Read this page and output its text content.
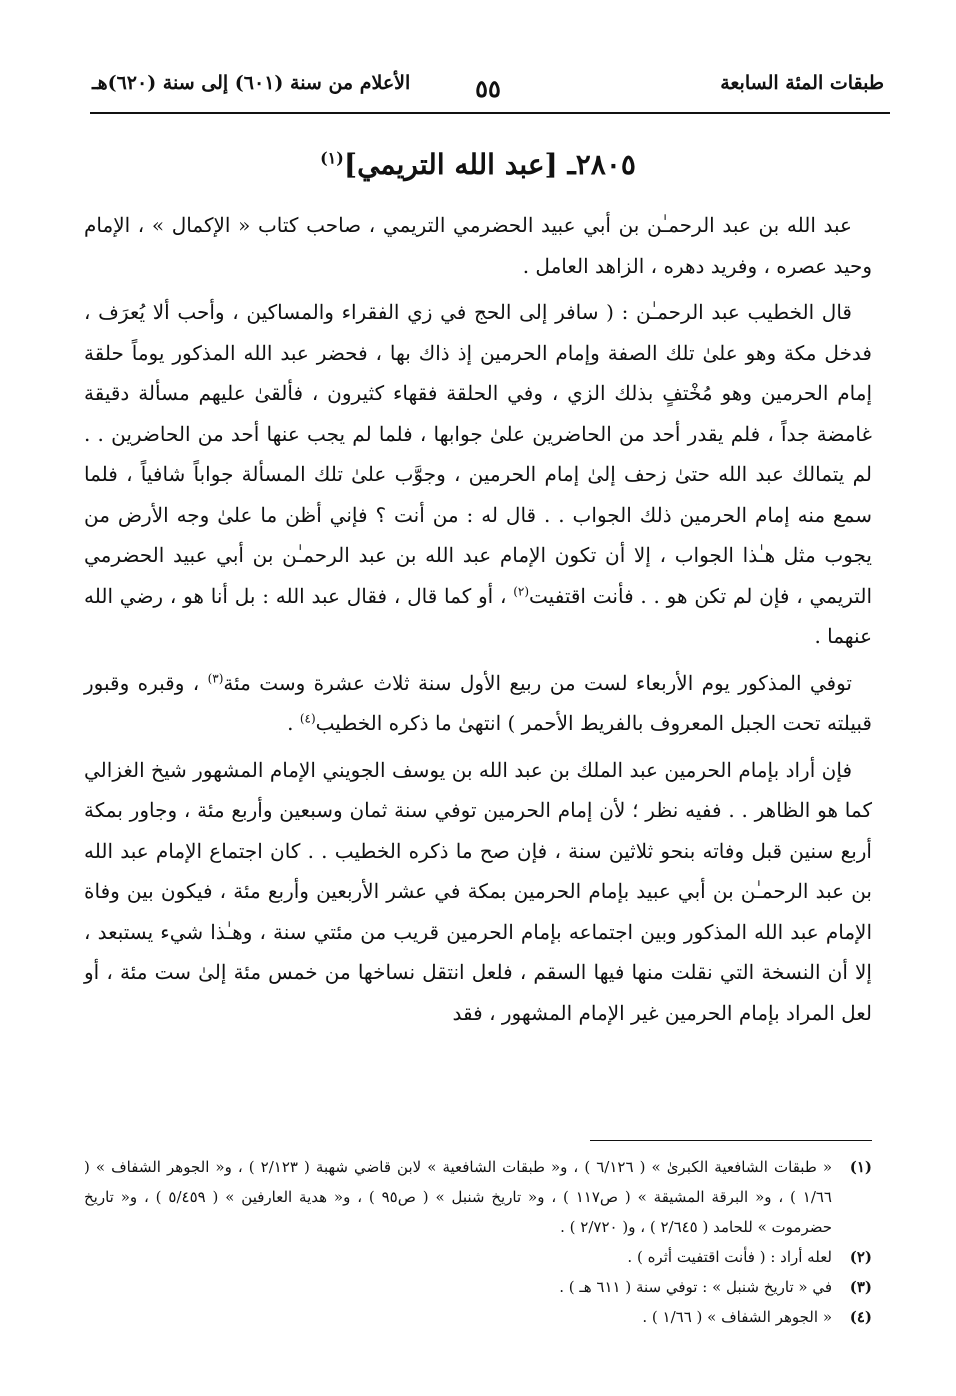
طبقات المئة السابعة
٥٥
الأعلام من سنة (٦٠١) إلى سنة (٦٢٠)هـ
٢٨٠٥ـ [عبد الله التريمي]$^{(١)}$

عبد الله بن عبد الرحمـٰن بن أبي عبيد الحضرمي التريمي ، صاحب كتاب « الإكمال » ، الإمام وحيد عصره ، وفريد دهره ، الزاهد العامل .

قال الخطيب عبد الرحمـٰن : ( سافر إلى الحج في زي الفقراء والمساكين ، وأحب ألا يُعرَف ، فدخل مكة وهو علىٰ تلك الصفة وإمام الحرمين إذ ذاك بها ، فحضر عبد الله المذكور يوماً حلقة إمام الحرمين وهو مُخْتفٍ بذلك الزي ، وفي الحلقة فقهاء كثيرون ، فألقىٰ عليهم مسألة دقيقة غامضة جداً ، فلم يقدر أحد من الحاضرين علىٰ جوابها ، فلما لم يجب عنها أحد من الحاضرين . . لم يتمالك عبد الله حتىٰ زحف إلىٰ إمام الحرمين ، وجوَّب علىٰ تلك المسألة جواباً شافياً ، فلما سمع منه إمام الحرمين ذلك الجواب . . قال له : من أنت ؟ فإني أظن ما علىٰ وجه الأرض من يجوب مثل هـٰذا الجواب ، إلا أن تكون الإمام عبد الله بن عبد الرحمـٰن بن أبي عبيد الحضرمي التريمي ، فإن لم تكن هو . . فأنت اقتفيت$^{(٢)}$ ، أو كما قال ، فقال عبد الله : بل أنا هو ، رضي الله عنهما .

توفي المذكور يوم الأربعاء لست من ربيع الأول سنة ثلاث عشرة وست مئة$^{(٣)}$ ، وقبره وقبور قبيلته تحت الجبل المعروف بالفريط الأحمر ) انتهىٰ ما ذكره الخطيب$^{(٤)}$ .

فإن أراد بإمام الحرمين عبد الملك بن عبد الله بن يوسف الجويني الإمام المشهور شيخ الغزالي كما هو الظاهر . . ففيه نظر ؛ لأن إمام الحرمين توفي سنة ثمان وسبعين وأربع مئة ، وجاور بمكة أربع سنين قبل وفاته بنحو ثلاثين سنة ، فإن صح ما ذكره الخطيب . . كان اجتماع الإمام عبد الله بن عبد الرحمـٰن بن أبي عبيد بإمام الحرمين بمكة في عشر الأربعين وأربع مئة ، فيكون بين وفاة الإمام عبد الله المذكور وبين اجتماعه بإمام الحرمين قريب من مئتي سنة ، وهـٰذا شيء يستبعد ، إلا أن النسخة التي نقلت منها فيها السقم ، فلعل انتقل نساخها من خمس مئة إلىٰ ست مئة ، أو لعل المراد بإمام الحرمين غير الإمام المشهور ، فقد

(١)
« طبقات الشافعية الكبرىٰ » ( ٦/١٢٦ ) ، و« طبقات الشافعية » لابن قاضي شهبة ( ٢/١٢٣ ) ، و« الجوهر الشفاف » ( ١/٦٦ ) ، و« البرقة المشيقة » ( ص١١٧ ) ، و« تاريخ شنبل » ( ص٩٥ ) ، و« هدية العارفين » ( ٥/٤٥٩ ) ، و« تاريخ حضرموت » للحامد ( ٢/٦٤٥ ) ، و( ٢/٧٢٠ ) .
(٢)
لعله أراد : ( فأنت اقتفيت أثره ) .
(٣)
في « تاريخ شنبل » : توفي سنة ( ٦١١ هـ ) .
(٤)
« الجوهر الشفاف » ( ١/٦٦ ) .
